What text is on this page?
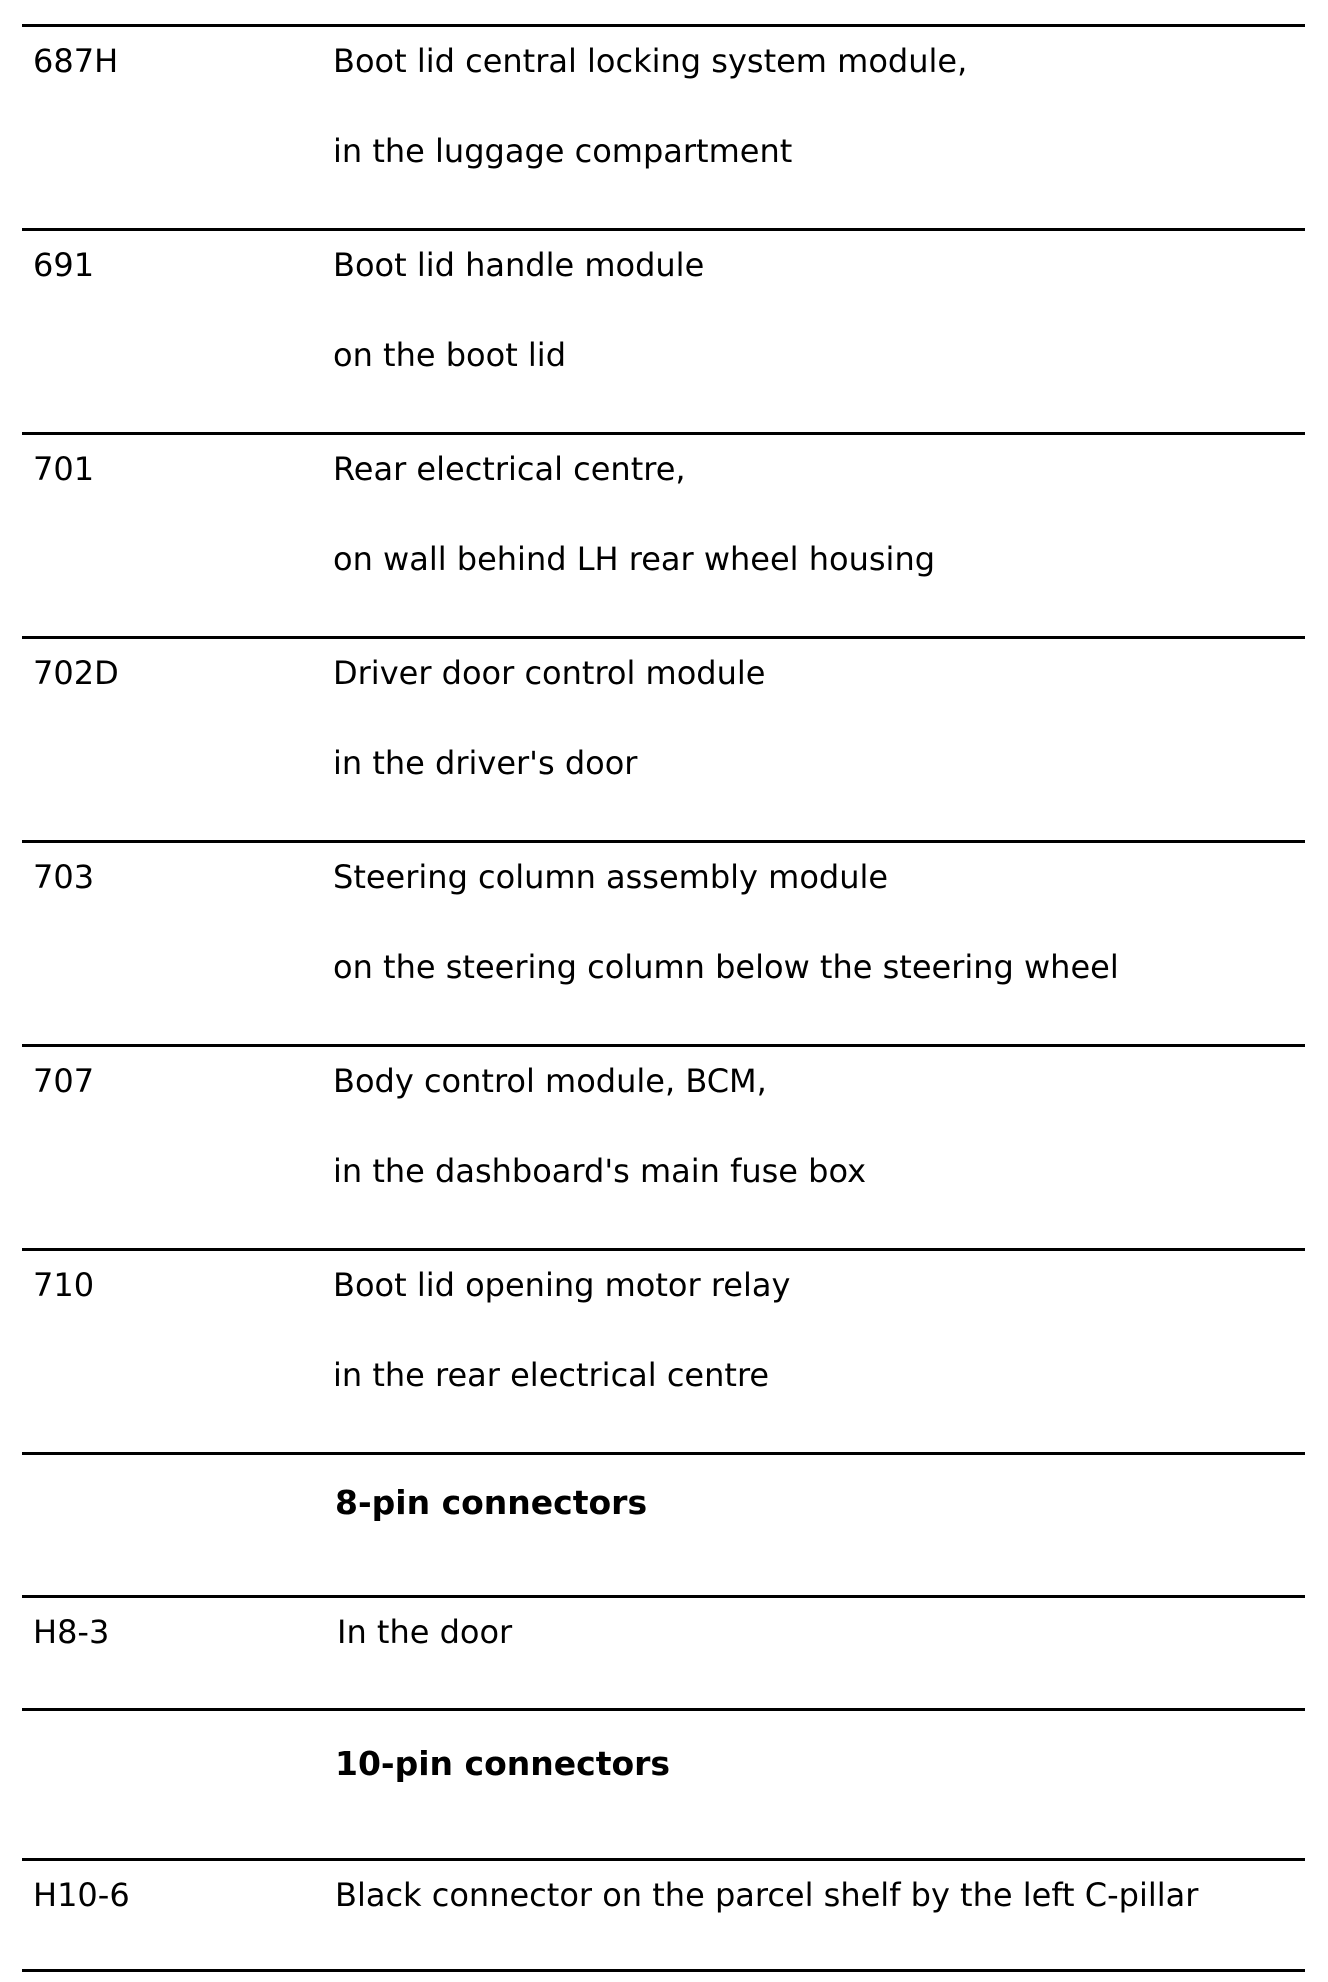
687H	Boot lid central locking system module,
in the luggage compartment
691	Boot lid handle module
on the boot lid
701	Rear electrical centre,
on wall behind LH rear wheel housing
702D	Driver door control module
in the driver's door
703	Steering column assembly module
on the steering column below the steering wheel
707	Body control module, BCM,
in the dashboard's main fuse box
710	Boot lid opening motor relay
in the rear electrical centre
8-pin connectors
H8-3	In the door
10-pin connectors
H10-6	Black connector on the parcel shelf by the left C-pillar
